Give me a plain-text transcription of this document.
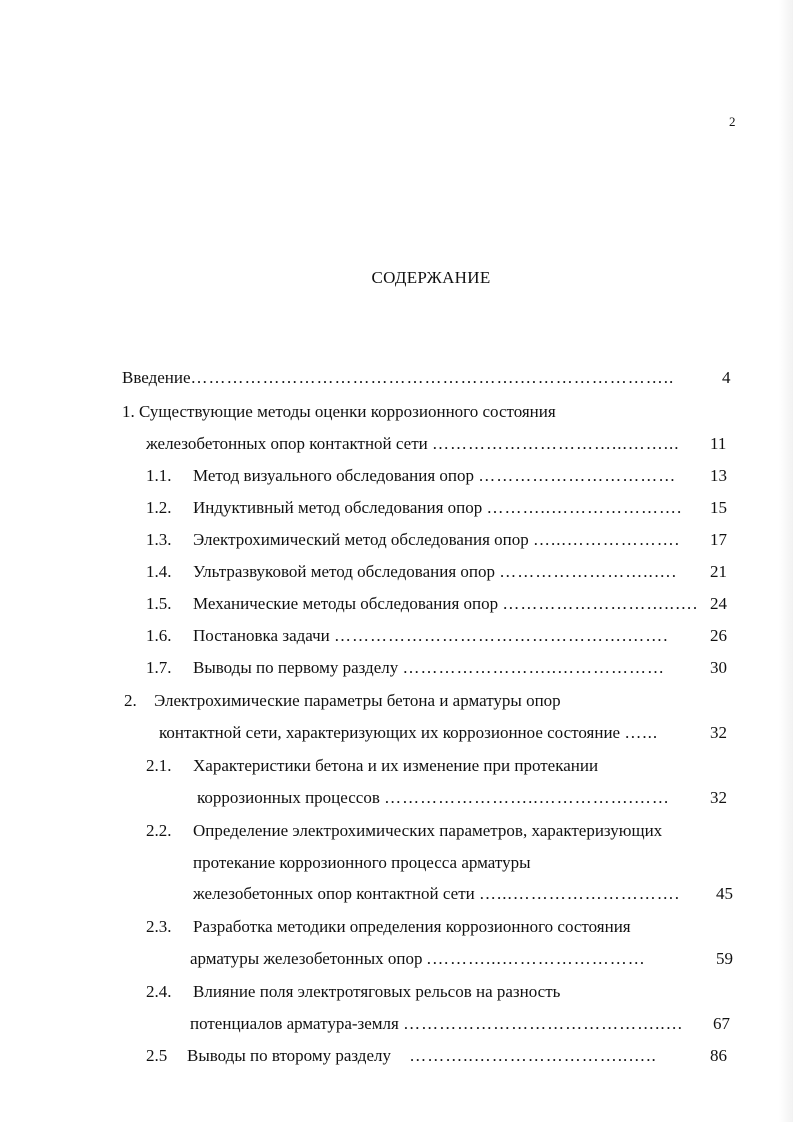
2
СОДЕРЖАНИЕ
Введение……………………………………………….……………………..	4
1. Существующие методы оценки коррозионного состояния
железобетонных опор контактной сети …………………………...……... 11
1.1. Метод визуального обследования опор …………………………… 13
1.2. Индуктивный метод обследования опор ………..…………………. 15
1.3. Электрохимический метод обследования опор …...………………. 17
1.4. Ультразвуковой метод обследования опор ……………………..…. 21
1.5. Механические методы обследования опор ………………………..…. 24
1.6. Постановка задачи ………………………………………….……. 26
1.7. Выводы по первому разделу ……………………..………………	30
2. Электрохимические параметры бетона и арматуры опор
контактной сети, характеризующих их коррозионное состояние …...	32
2.1. Характеристики бетона и их изменение при протекании
коррозионных процессов ……………………..…………….…… 32
2.2. Определение электрохимических параметров, характеризующих
протекание коррозионного процесса арматуры
железобетонных опор контактной сети …...………………………. 45
2.3. Разработка методики определения коррозионного состояния
арматуры железобетонных опор .………...……………………	59
2.4. Влияние поля электротяговых рельсов на разность
потенциалов арматура-земля ……………………………………..… 67
2.5 Выводы по второму разделу ………..……………………..…..	86
